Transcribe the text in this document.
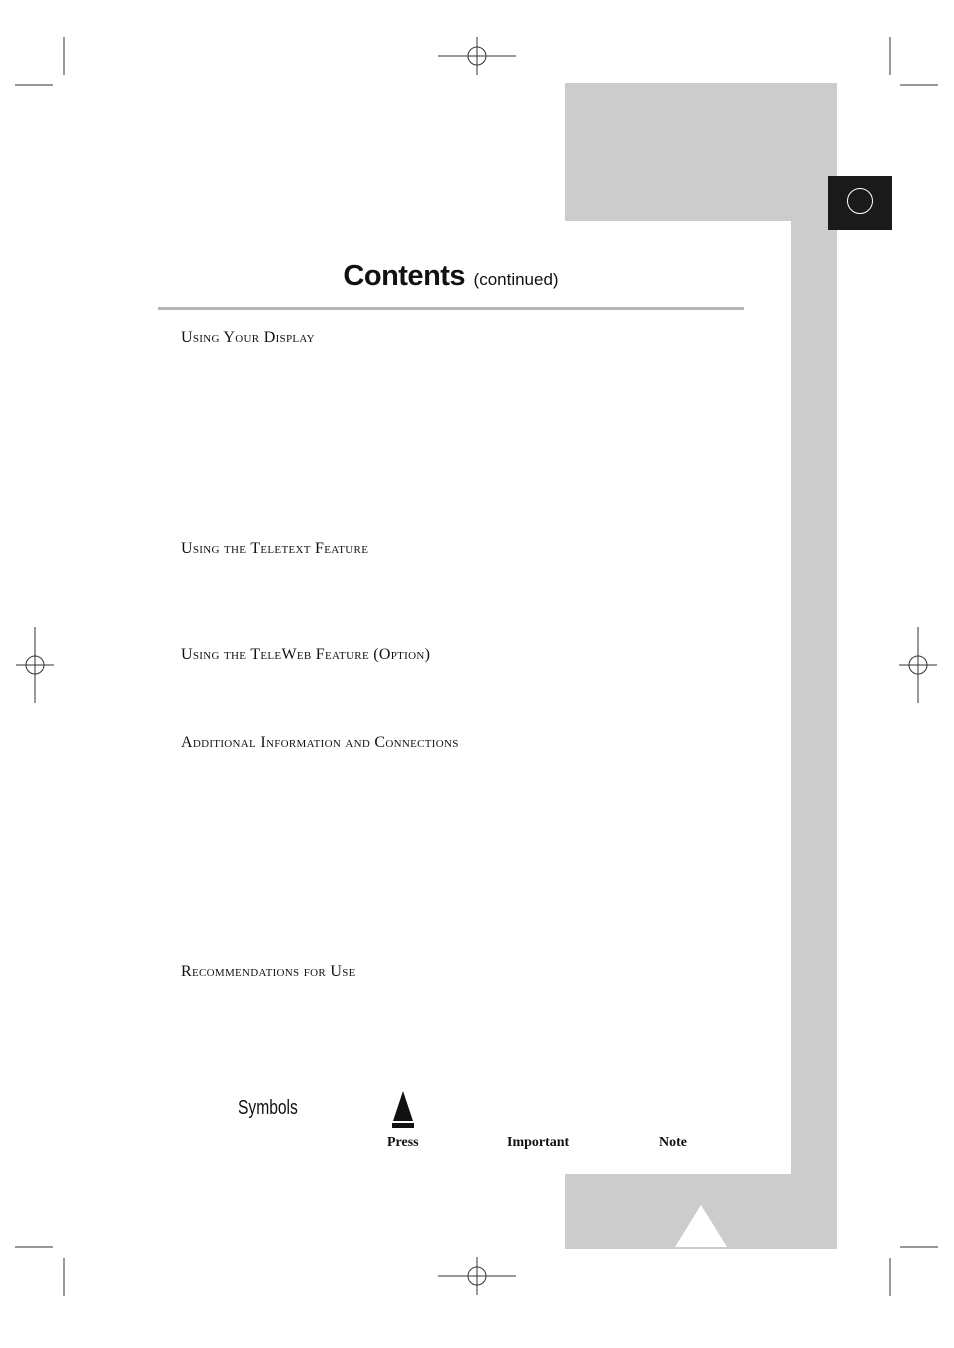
Contents (continued)
Using Your Display
Using the Teletext Feature
Using the TeleWeb Feature (Option)
Additional Information and Connections
Recommendations for Use
Symbols
Press	Important	Note
